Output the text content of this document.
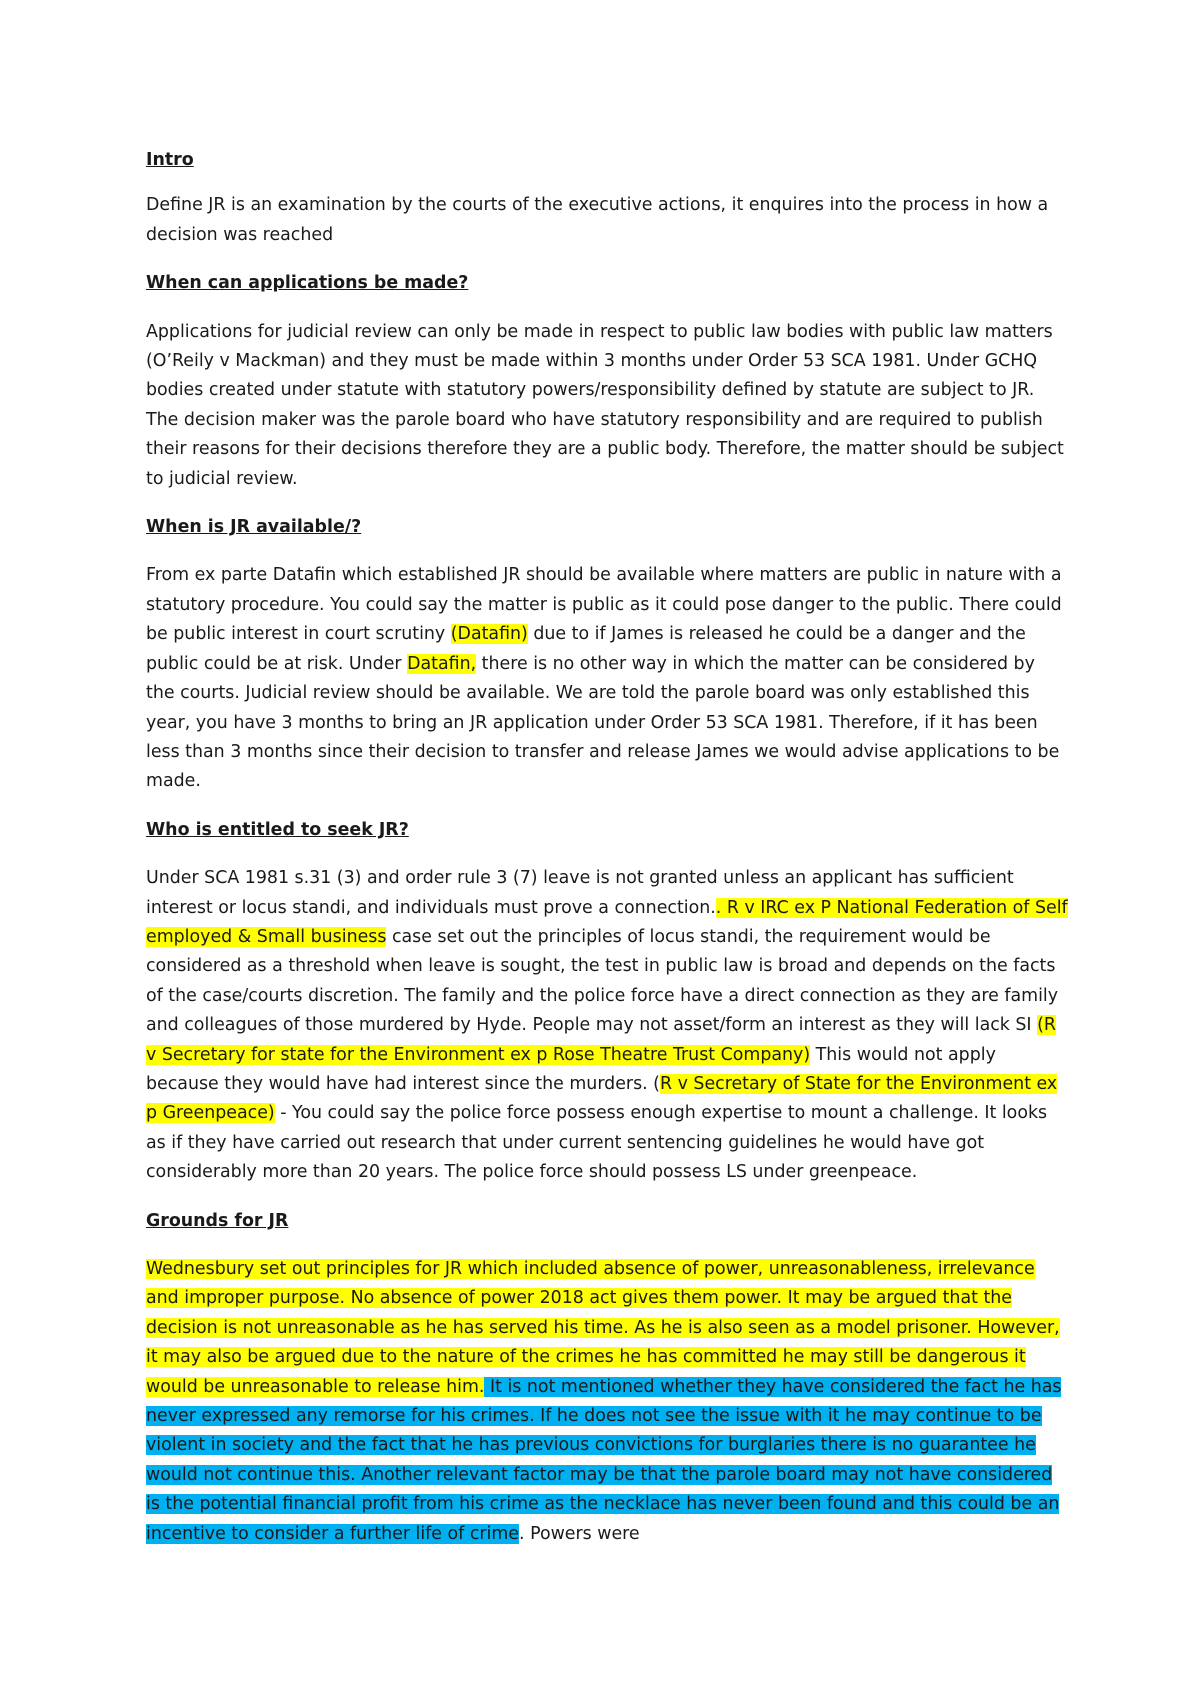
Intro

Define JR is an examination by the courts of the executive actions, it enquires into the process in how a decision was reached

When can applications be made?

Applications for judicial review can only be made in respect to public law bodies with public law matters (O’Reily v Mackman) and they must be made within 3 months under Order 53 SCA 1981. Under GCHQ bodies created under statute with statutory powers/responsibility defined by statute are subject to JR. The decision maker was the parole board who have statutory responsibility and are required to publish their reasons for their decisions therefore they are a public body. Therefore, the matter should be subject to judicial review.

When is JR available/?

From ex parte Datafin which established JR should be available where matters are public in nature with a statutory procedure. You could say the matter is public as it could pose danger to the public. There could be public interest in court scrutiny (Datafin) due to if James is released he could be a danger and the public could be at risk. Under Datafin, there is no other way in which the matter can be considered by the courts. Judicial review should be available. We are told the parole board was only established this year, you have 3 months to bring an JR application under Order 53 SCA 1981. Therefore, if it has been less than 3 months since their decision to transfer and release James we would advise applications to be made.

Who is entitled to seek JR?

Under SCA 1981 s.31 (3) and order rule 3 (7) leave is not granted unless an applicant has sufficient interest or locus standi, and individuals must prove a connection.. R v IRC ex P National Federation of Self employed & Small business case set out the principles of locus standi, the requirement would be considered as a threshold when leave is sought, the test in public law is broad and depends on the facts of the case/courts discretion. The family and the police force have a direct connection as they are family and colleagues of those murdered by Hyde. People may not asset/form an interest as they will lack SI (R v Secretary for state for the Environment ex p Rose Theatre Trust Company) This would not apply because they would have had interest since the murders. (R v Secretary of State for the Environment ex p Greenpeace) - You could say the police force possess enough expertise to mount a challenge. It looks as if they have carried out research that under current sentencing guidelines he would have got considerably more than 20 years. The police force should possess LS under greenpeace.

Grounds for JR

Wednesbury set out principles for JR which included absence of power, unreasonableness, irrelevance and improper purpose. No absence of power 2018 act gives them power. It may be argued that the decision is not unreasonable as he has served his time. As he is also seen as a model prisoner. However, it may also be argued due to the nature of the crimes he has committed he may still be dangerous it would be unreasonable to release him. It is not mentioned whether they have considered the fact he has never expressed any remorse for his crimes. If he does not see the issue with it he may continue to be violent in society and the fact that he has previous convictions for burglaries there is no guarantee he would not continue this. Another relevant factor may be that the parole board may not have considered is the potential financial profit from his crime as the necklace has never been found and this could be an incentive to consider a further life of crime. Powers were
